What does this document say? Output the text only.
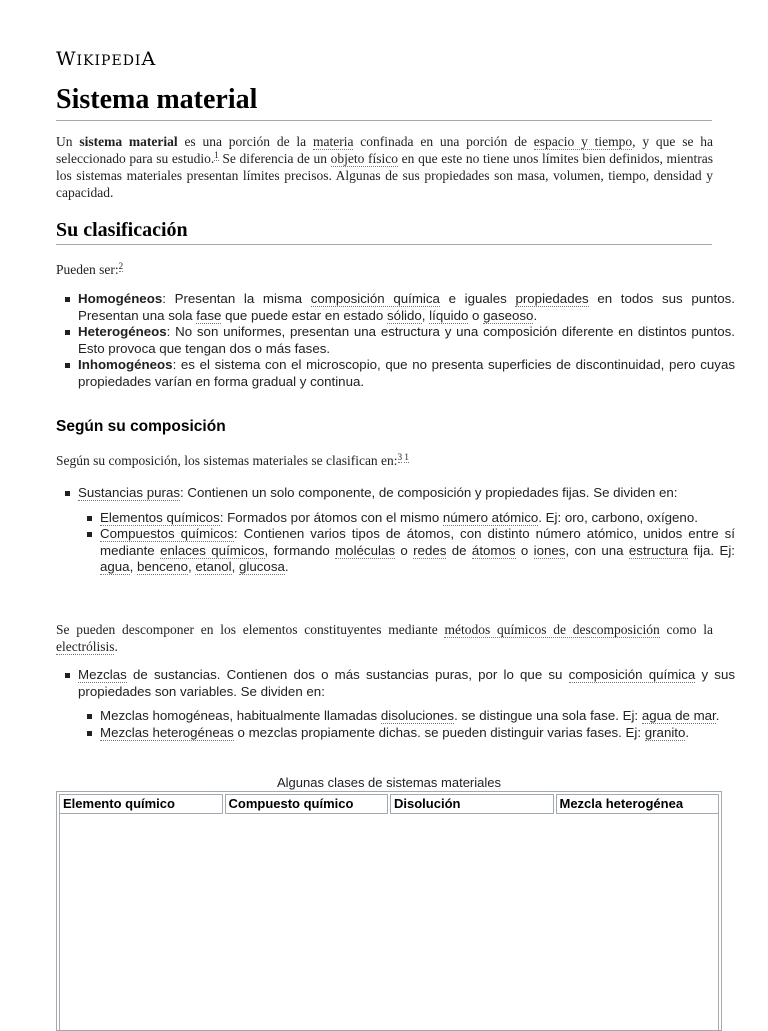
WIKIPEDIA
Sistema material

Un sistema material es una porción de la materia confinada en una porción de espacio y tiempo, y que se ha seleccionado para su estudio.$^1$ Se diferencia de un objeto físico en que este no tiene unos límites bien definidos, mientras los sistemas materiales presentan límites precisos. Algunas de sus propiedades son masa, volumen, tiempo, densidad y capacidad.

Su clasificación

Pueden ser:$^2$

Homogéneos: Presentan la misma composición química e iguales propiedades en todos sus puntos. Presentan una sola fase que puede estar en estado sólido, líquido o gaseoso.
Heterogéneos: No son uniformes, presentan una estructura y una composición diferente en distintos puntos. Esto provoca que tengan dos o más fases.
Inhomogéneos: es el sistema con el microscopio, que no presenta superficies de discontinuidad, pero cuyas propiedades varían en forma gradual y continua.
Según su composición

Según su composición, los sistemas materiales se clasifican en:$^{3 1}$

Sustancias puras: Contienen un solo componente, de composición y propiedades fijas. Se dividen en:
Elementos químicos: Formados por átomos con el mismo número atómico. Ej: oro, carbono, oxígeno.
Compuestos químicos: Contienen varios tipos de átomos, con distinto número atómico, unidos entre sí mediante enlaces químicos, formando moléculas o redes de átomos o iones, con una estructura fija. Ej: agua, benceno, etanol, glucosa.

Se pueden descomponer en los elementos constituyentes mediante métodos químicos de descomposición como la electrólisis.

Mezclas de sustancias. Contienen dos o más sustancias puras, por lo que su composición química y sus propiedades son variables. Se dividen en:
Mezclas homogéneas, habitualmente llamadas disoluciones. se distingue una sola fase. Ej: agua de mar.
Mezclas heterogéneas o mezclas propiamente dichas. se pueden distinguir varias fases. Ej: granito.
Algunas clases de sistemas materiales
Elemento químico	Compuesto químico	Disolución	Mezcla heterogénea
